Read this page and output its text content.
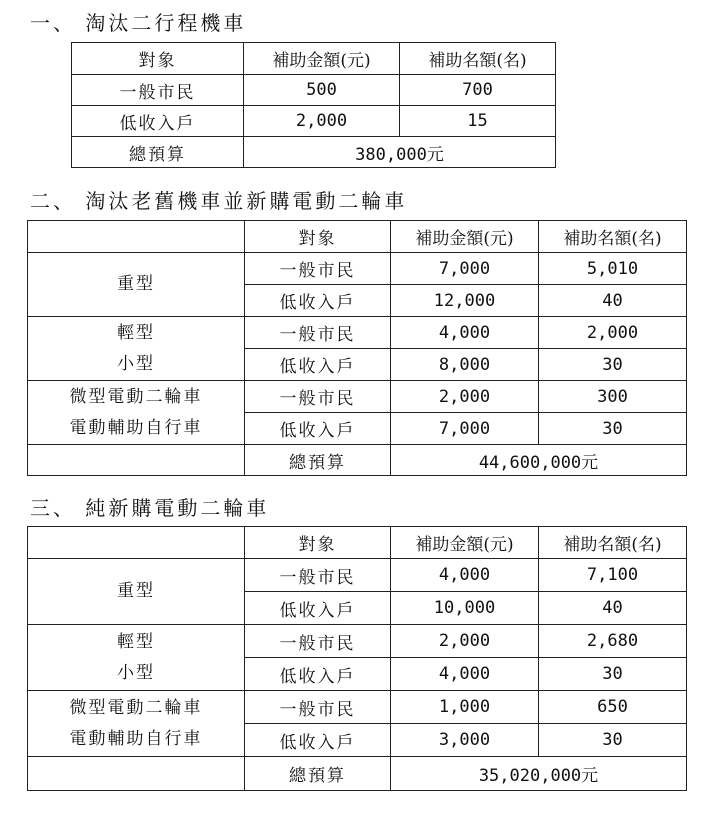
一、 淘汰二行程機車
對象	補助金額(元)	補助名額(名)
一般市民	500	700
低收入戶	2,000	15
總預算	380,000元	
二、 淘汰老舊機車並新購電動二輪車
	對象	補助金額(元)	補助名額(名)

重型	一般市民	7,000	5,010
	低收入戶	12,000	40

輕型
小型	一般市民	4,000	2,000
	低收入戶	8,000	30

微型電動二輪車
電動輔助自行車	一般市民	2,000	300
	低收入戶	7,000	30
	總預算	44,600,000元	
三、 純新購電動二輪車
	對象	補助金額(元)	補助名額(名)

重型	一般市民	4,000	7,100
	低收入戶	10,000	40

輕型
小型	一般市民	2,000	2,680
	低收入戶	4,000	30

微型電動二輪車
電動輔助自行車	一般市民	1,000	650
	低收入戶	3,000	30
	總預算	35,020,000元	
